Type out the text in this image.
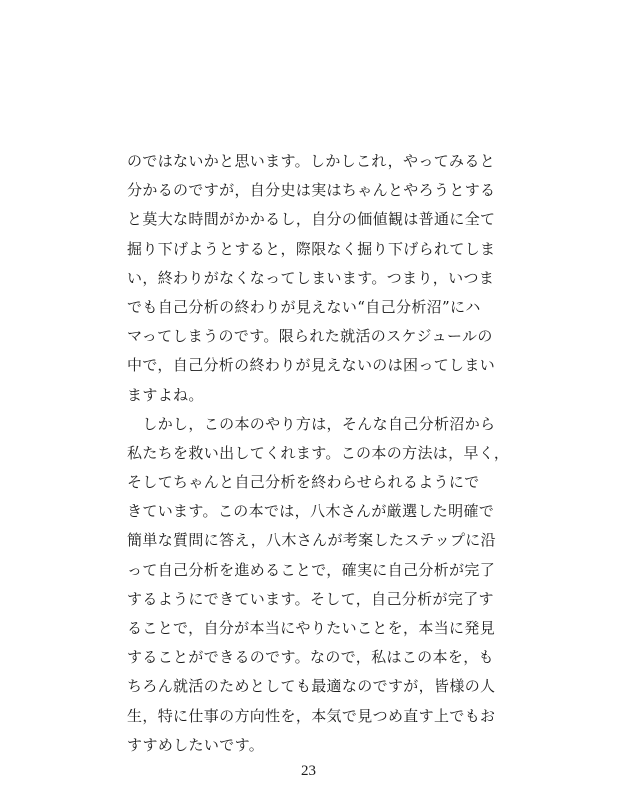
のではないかと思います。しかしこれ，やってみると
分かるのですが，自分史は実はちゃんとやろうとする
と莫大な時間がかかるし，自分の価値観は普通に全て
掘り下げようとすると，際限なく掘り下げられてしま
い，終わりがなくなってしまいます。つまり，いつま
でも自己分析の終わりが見えない“自己分析沼”にハ
マってしまうのです。限られた就活のスケジュールの
中で，自己分析の終わりが見えないのは困ってしまい
ますよね。
　しかし，この本のやり方は，そんな自己分析沼から
私たちを救い出してくれます。この本の方法は，早く，
そしてちゃんと自己分析を終わらせられるようにで
きています。この本では，八木さんが厳選した明確で
簡単な質問に答え，八木さんが考案したステップに沿
って自己分析を進めることで，確実に自己分析が完了
するようにできています。そして，自己分析が完了す
ることで，自分が本当にやりたいことを，本当に発見
することができるのです。なので，私はこの本を，も
ちろん就活のためとしても最適なのですが，皆様の人
生，特に仕事の方向性を，本気で見つめ直す上でもお
すすめしたいです。
23
